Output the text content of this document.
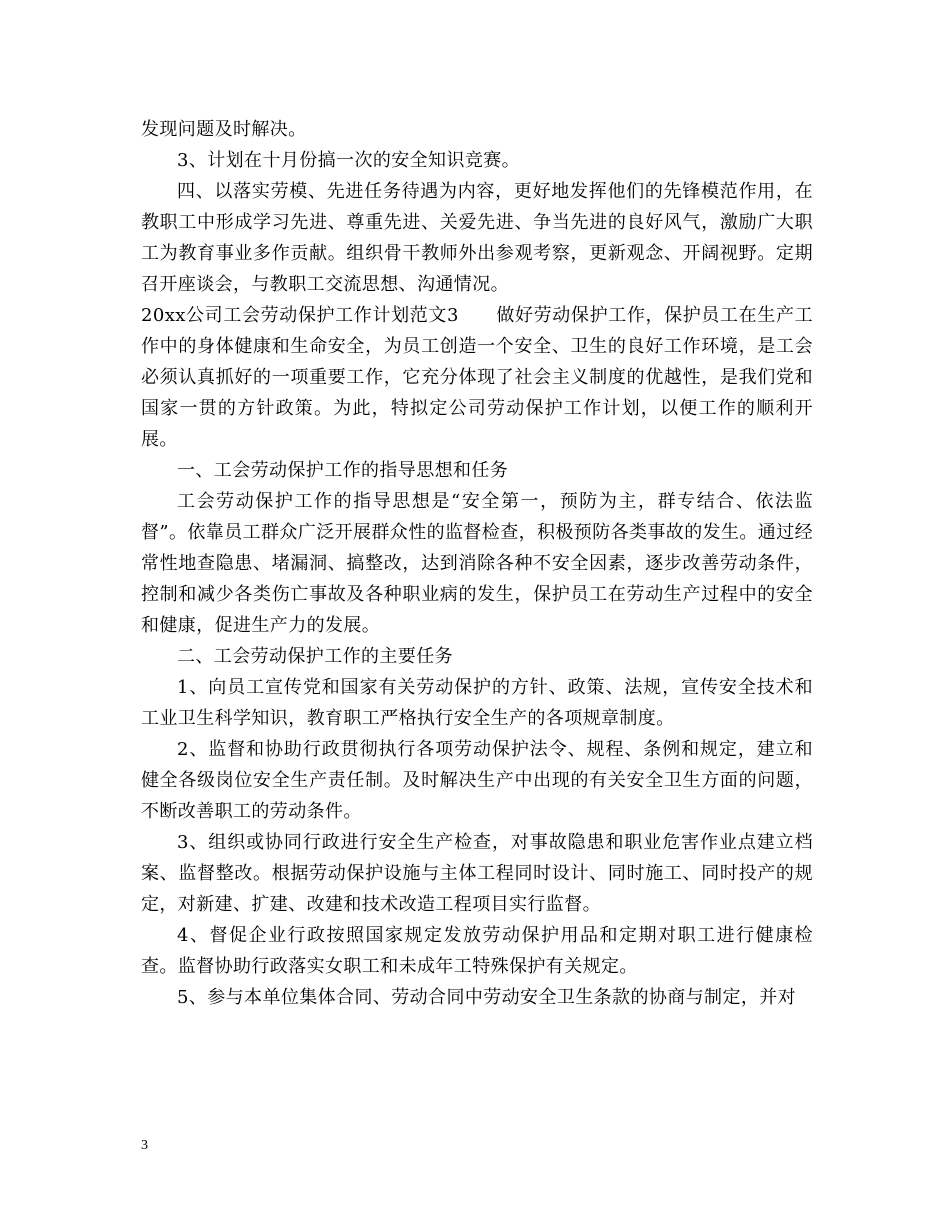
发现问题及时解决。

3、计划在十月份搞一次的安全知识竞赛。

四、以落实劳模、先进任务待遇为内容，更好地发挥他们的先锋模范作用，在教职工中形成学习先进、尊重先进、关爱先进、争当先进的良好风气，激励广大职工为教育事业多作贡献。组织骨干教师外出参观考察，更新观念、开阔视野。定期召开座谈会，与教职工交流思想、沟通情况。

20xx公司工会劳动保护工作计划范文3　　做好劳动保护工作，保护员工在生产工作中的身体健康和生命安全，为员工创造一个安全、卫生的良好工作环境，是工会必须认真抓好的一项重要工作，它充分体现了社会主义制度的优越性，是我们党和国家一贯的方针政策。为此，特拟定公司劳动保护工作计划，以便工作的顺利开展。

一、工会劳动保护工作的指导思想和任务

工会劳动保护工作的指导思想是“安全第一，预防为主，群专结合、依法监督”。依靠员工群众广泛开展群众性的监督检查，积极预防各类事故的发生。通过经常性地查隐患、堵漏洞、搞整改，达到消除各种不安全因素，逐步改善劳动条件，控制和减少各类伤亡事故及各种职业病的发生，保护员工在劳动生产过程中的安全和健康，促进生产力的发展。

二、工会劳动保护工作的主要任务

1、向员工宣传党和国家有关劳动保护的方针、政策、法规，宣传安全技术和工业卫生科学知识，教育职工严格执行安全生产的各项规章制度。

2、监督和协助行政贯彻执行各项劳动保护法令、规程、条例和规定，建立和健全各级岗位安全生产责任制。及时解决生产中出现的有关安全卫生方面的问题，不断改善职工的劳动条件。

3、组织或协同行政进行安全生产检查，对事故隐患和职业危害作业点建立档案、监督整改。根据劳动保护设施与主体工程同时设计、同时施工、同时投产的规定，对新建、扩建、改建和技术改造工程项目实行监督。

4、督促企业行政按照国家规定发放劳动保护用品和定期对职工进行健康检查。监督协助行政落实女职工和未成年工特殊保护有关规定。

5、参与本单位集体合同、劳动合同中劳动安全卫生条款的协商与制定，并对

3
